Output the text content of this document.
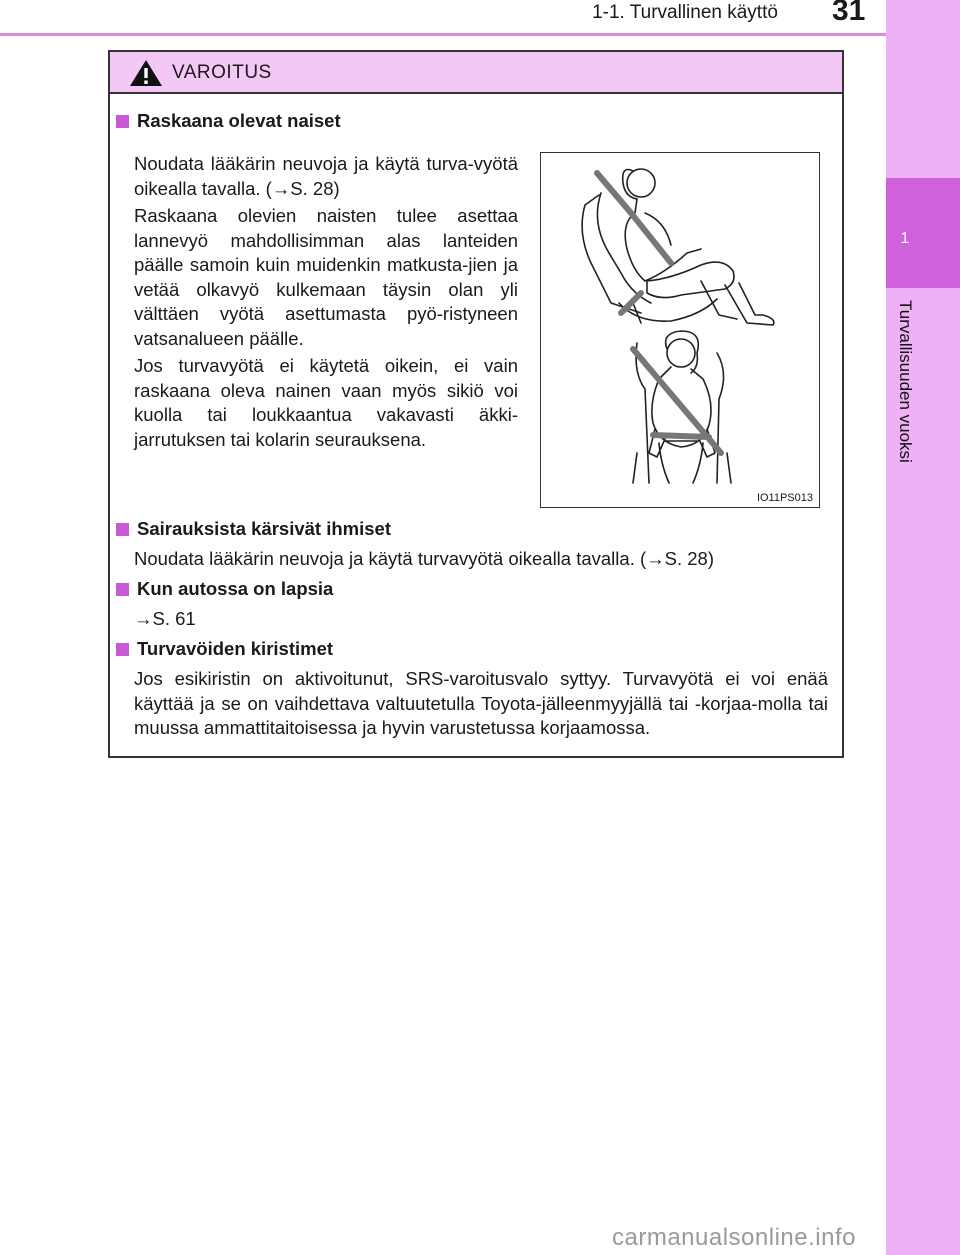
1-1. Turvallinen käyttö	31
1
Turvallisuuden vuoksi
VAROITUS
Raskaana olevat naiset

Noudata lääkärin neuvoja ja käytä turva-vyötä oikealla tavalla. (→S. 28)

Raskaana olevien naisten tulee asettaa lannevyö mahdollisimman alas lanteiden päälle samoin kuin muidenkin matkusta-jien ja vetää olkavyö kulkemaan täysin olan yli välttäen vyötä asettumasta pyö-ristyneen vatsanalueen päälle.

Jos turvavyötä ei käytetä oikein, ei vain raskaana oleva nainen vaan myös sikiö voi kuolla tai loukkaantua vakavasti äkki-jarrutuksen tai kolarin seurauksena.

IO11PS013
Sairauksista kärsivät ihmiset

Noudata lääkärin neuvoja ja käytä turvavyötä oikealla tavalla. (→S. 28)

Kun autossa on lapsia

→S. 61

Turvavöiden kiristimet

Jos esikiristin on aktivoitunut, SRS-varoitusvalo syttyy. Turvavyötä ei voi enää käyttää ja se on vaihdettava valtuutetulla Toyota-jälleenmyyjällä tai -korjaa-molla tai muussa ammattitaitoisessa ja hyvin varustetussa korjaamossa.

carmanualsonline.info
